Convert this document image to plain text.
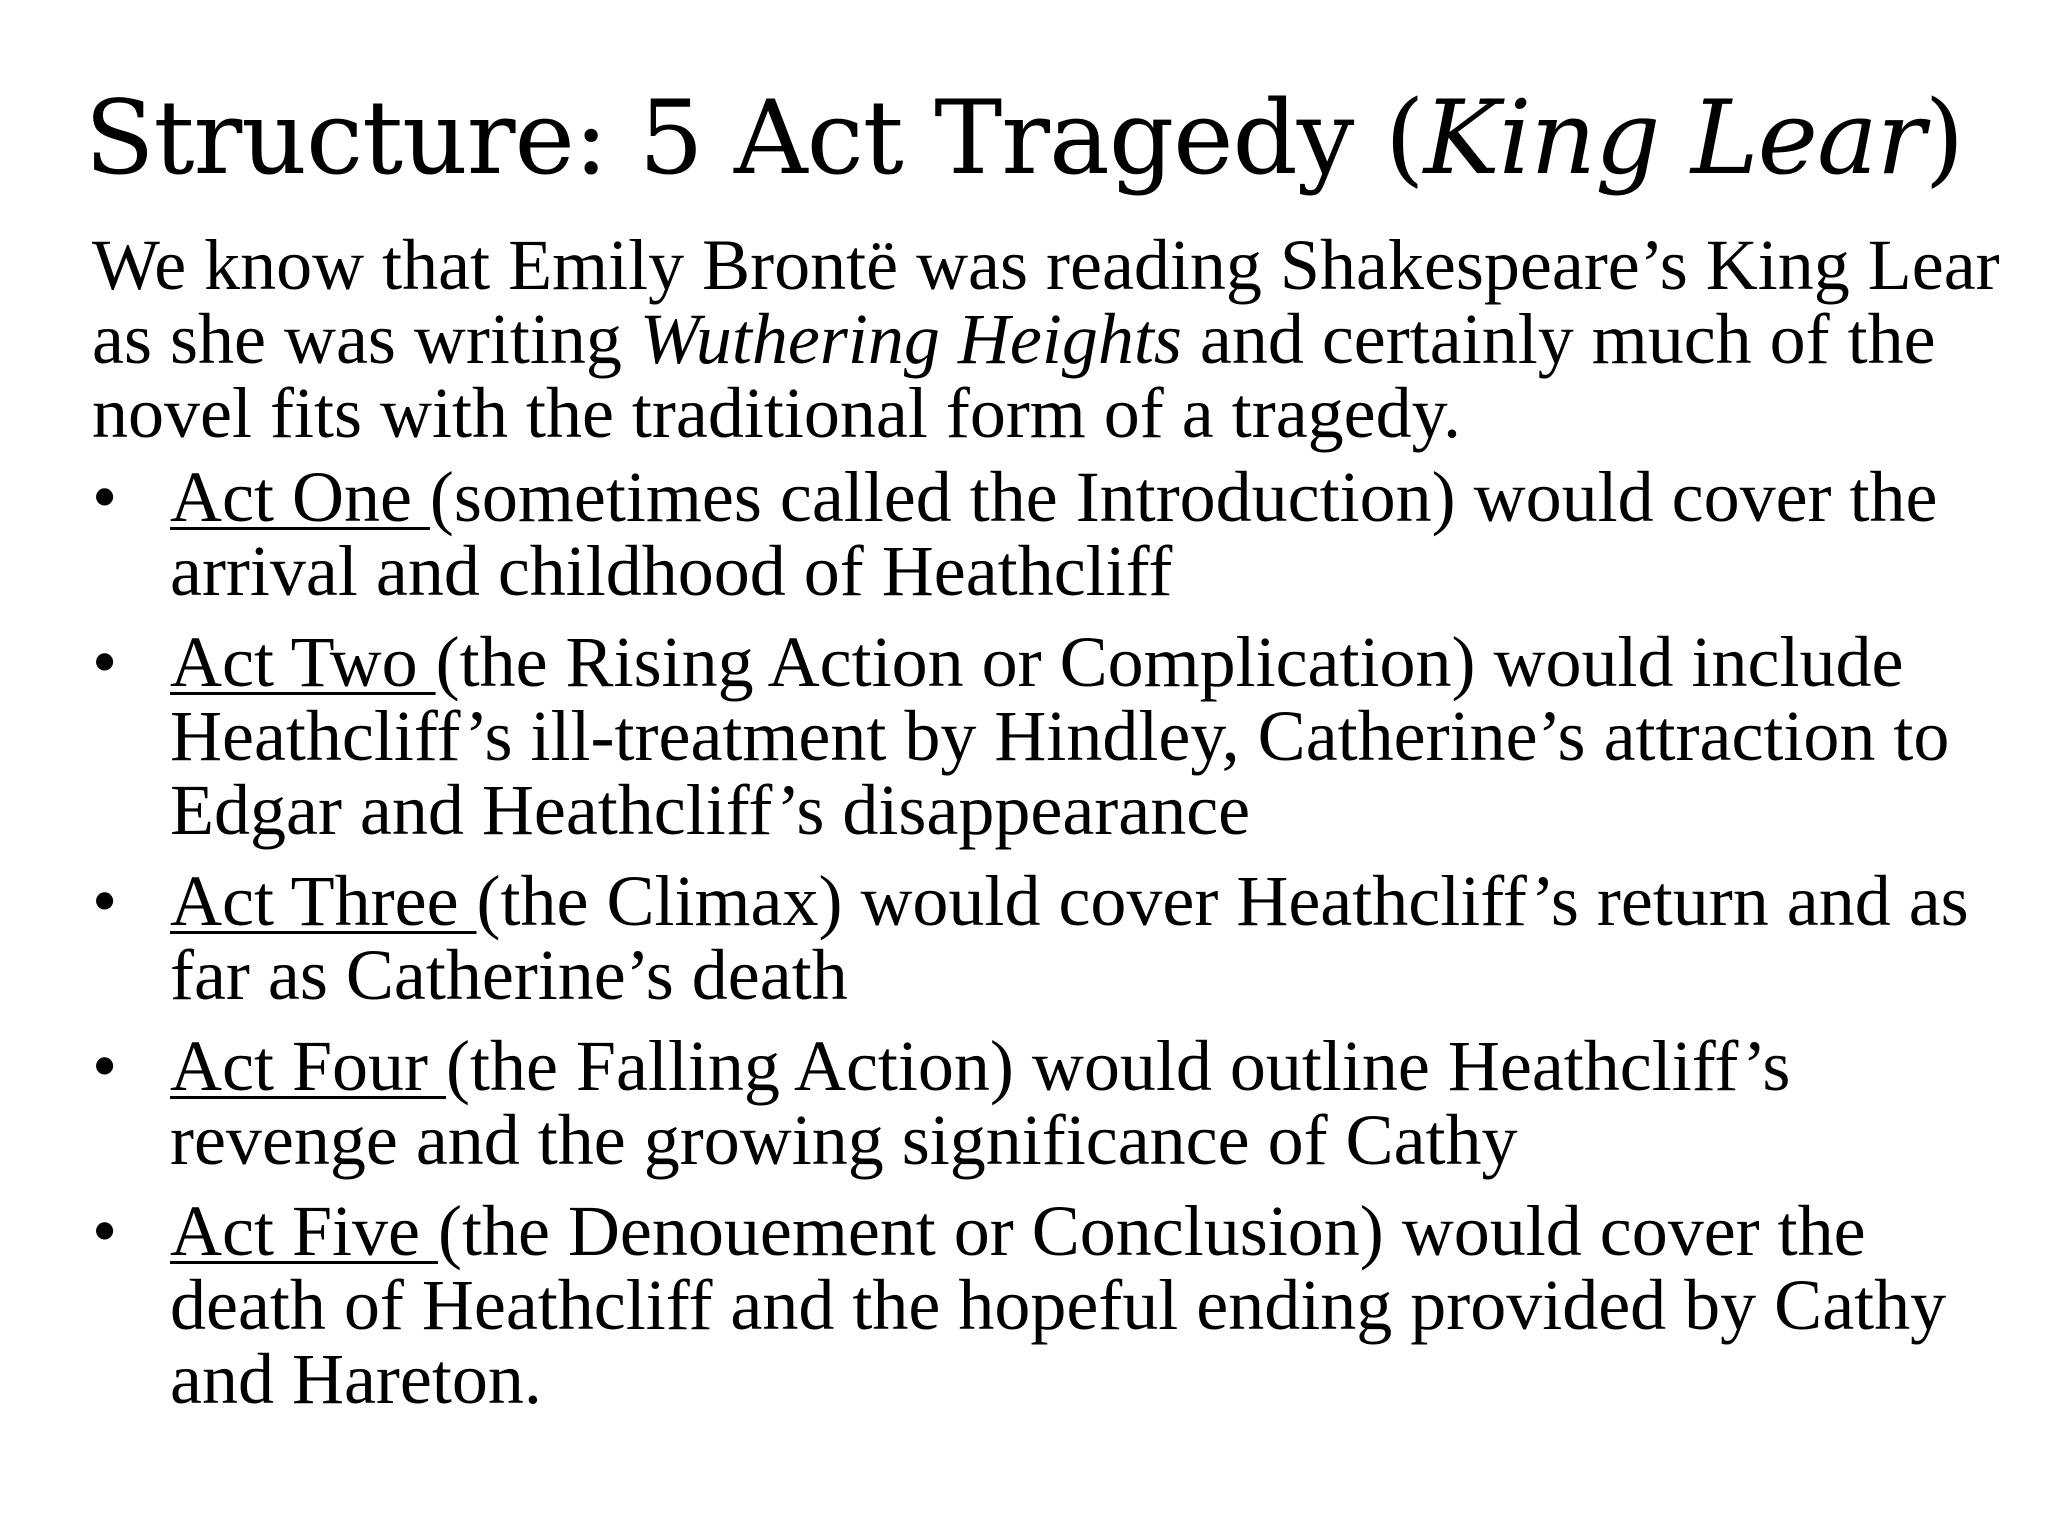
Structure: 5 Act Tragedy (King Lear)

We know that Emily Brontë was reading Shakespeare’s King Lear as she was writing Wuthering Heights and certainly much of the novel fits with the traditional form of a tragedy.

• Act One (sometimes called the Introduction) would cover the arrival and childhood of Heathcliff
• Act Two (the Rising Action or Complication) would include Heathcliff’s ill-treatment by Hindley, Catherine’s attraction to Edgar and Heathcliff’s disappearance
• Act Three (the Climax) would cover Heathcliff’s return and as far as Catherine’s death
• Act Four (the Falling Action) would outline Heathcliff’s revenge and the growing significance of Cathy
• Act Five (the Denouement or Conclusion) would cover the death of Heathcliff and the hopeful ending provided by Cathy and Hareton.
